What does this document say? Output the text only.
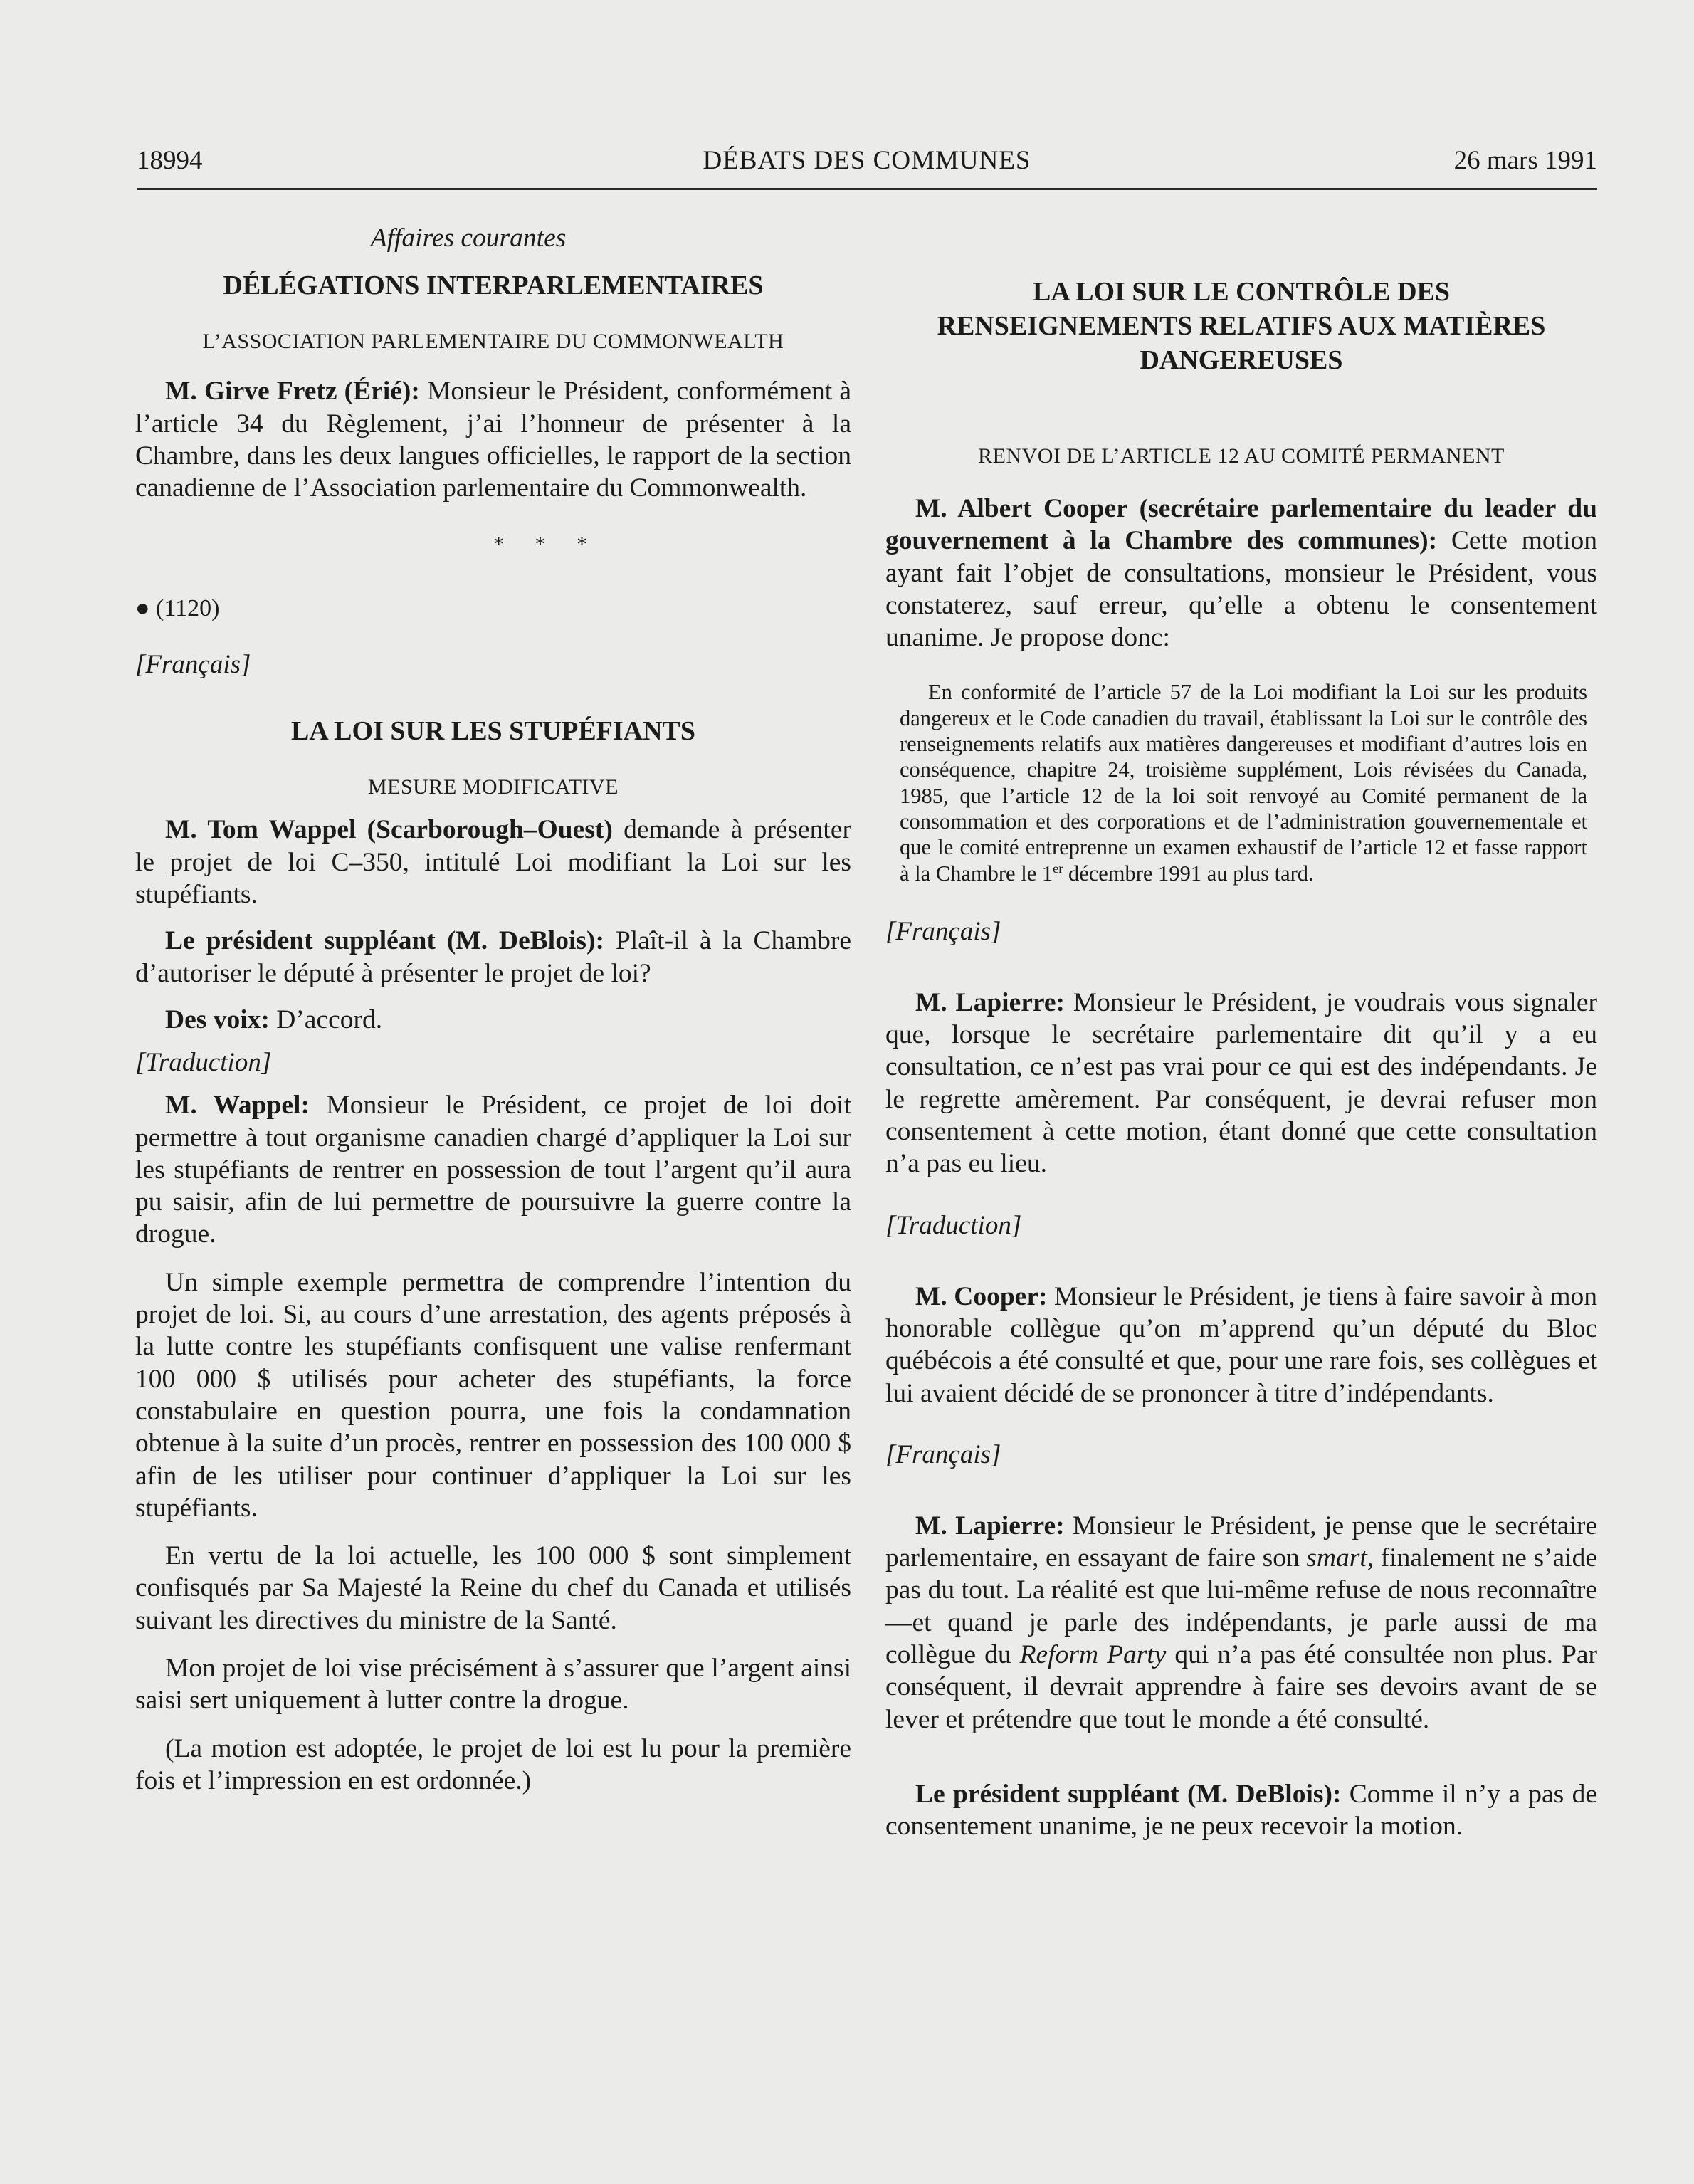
18994	DÉBATS DES COMMUNES	26 mars 1991

Affaires courantes

DÉLÉGATIONS INTERPARLEMENTAIRES

L’ASSOCIATION PARLEMENTAIRE DU COMMONWEALTH

M. Girve Fretz (Érié): Monsieur le Président, conformément à l’article 34 du Règlement, j’ai l’honneur de présenter à la Chambre, dans les deux langues officielles, le rapport de la section canadienne de l’Association parlementaire du Commonwealth.

* * *

● (1120)

[Français]

LA LOI SUR LES STUPÉFIANTS

MESURE MODIFICATIVE

M. Tom Wappel (Scarborough–Ouest) demande à présenter le projet de loi C–350, intitulé Loi modifiant la Loi sur les stupéfiants.

Le président suppléant (M. DeBlois): Plaît-il à la Chambre d’autoriser le député à présenter le projet de loi?

Des voix: D’accord.

[Traduction]

M. Wappel: Monsieur le Président, ce projet de loi doit permettre à tout organisme canadien chargé d’appliquer la Loi sur les stupéfiants de rentrer en possession de tout l’argent qu’il aura pu saisir, afin de lui permettre de poursuivre la guerre contre la drogue.

Un simple exemple permettra de comprendre l’intention du projet de loi. Si, au cours d’une arrestation, des agents préposés à la lutte contre les stupéfiants confisquent une valise renfermant 100 000 $ utilisés pour acheter des stupéfiants, la force constabulaire en question pourra, une fois la condamnation obtenue à la suite d’un procès, rentrer en possession des 100 000 $ afin de les utiliser pour continuer d’appliquer la Loi sur les stupéfiants.

En vertu de la loi actuelle, les 100 000 $ sont simplement confisqués par Sa Majesté la Reine du chef du Canada et utilisés suivant les directives du ministre de la Santé.

Mon projet de loi vise précisément à s’assurer que l’argent ainsi saisi sert uniquement à lutter contre la drogue.

(La motion est adoptée, le projet de loi est lu pour la première fois et l’impression en est ordonnée.)

LA LOI SUR LE CONTRÔLE DES

RENSEIGNEMENTS RELATIFS AUX MATIÈRES

DANGEREUSES

RENVOI DE L’ARTICLE 12 AU COMITÉ PERMANENT

M. Albert Cooper (secrétaire parlementaire du leader du gouvernement à la Chambre des communes): Cette motion ayant fait l’objet de consultations, monsieur le Président, vous constaterez, sauf erreur, qu’elle a obtenu le consentement unanime. Je propose donc:

En conformité de l’article 57 de la Loi modifiant la Loi sur les produits dangereux et le Code canadien du travail, établissant la Loi sur le contrôle des renseignements relatifs aux matières dangereuses et modifiant d’autres lois en conséquence, chapitre 24, troisième supplément, Lois révisées du Canada, 1985, que l’article 12 de la loi soit renvoyé au Comité permanent de la consommation et des corporations et de l’administration gouvernementale et que le comité entreprenne un examen exhaustif de l’article 12 et fasse rapport à la Chambre le 1er décembre 1991 au plus tard.

[Français]

M. Lapierre: Monsieur le Président, je voudrais vous signaler que, lorsque le secrétaire parlementaire dit qu’il y a eu consultation, ce n’est pas vrai pour ce qui est des indépendants. Je le regrette amèrement. Par conséquent, je devrai refuser mon consentement à cette motion, étant donné que cette consultation n’a pas eu lieu.

[Traduction]

M. Cooper: Monsieur le Président, je tiens à faire savoir à mon honorable collègue qu’on m’apprend qu’un député du Bloc québécois a été consulté et que, pour une rare fois, ses collègues et lui avaient décidé de se prononcer à titre d’indépendants.

[Français]

M. Lapierre: Monsieur le Président, je pense que le secrétaire parlementaire, en essayant de faire son smart, finalement ne s’aide pas du tout. La réalité est que lui-même refuse de nous reconnaître—et quand je parle des indépendants, je parle aussi de ma collègue du Reform Party qui n’a pas été consultée non plus. Par conséquent, il devrait apprendre à faire ses devoirs avant de se lever et prétendre que tout le monde a été consulté.

Le président suppléant (M. DeBlois): Comme il n’y a pas de consentement unanime, je ne peux recevoir la motion.
